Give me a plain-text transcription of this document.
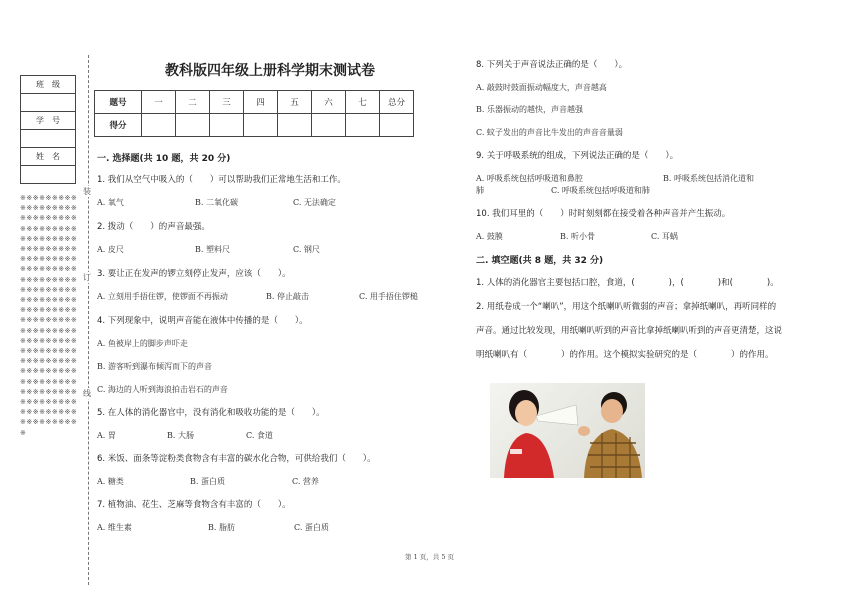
班　级

学　号

姓　名

※※※※※※※※※※※※※※※※※※※※※※※※※※※※※※※※※※※※※※※※※※※※※※※※※※※※※※※※※※※※※※※※※※※※※※※※※※※※※※※※※※※※※※※※※※※※※※※※※※※※※※※※※※※※※※※※※※※※※※※※※※※※※※※※※※※※※※※※※※※※※※※※※※※※※※※※※※※※※※※※※※※※※※※※※※※※※※※※※※※※※※※※※※※※※※※※※※※※※※※※※※※※※※※※
装
订
线
教科版四年级上册科学期末测试卷
题号	一	二	三	四	五	六	七	总分
得分								
一. 选择题(共 10 题，共 20 分)
1. 我们从空气中吸入的（　　）可以帮助我们正常地生活和工作。
A. 氧气	B. 二氧化碳	C. 无法确定
2. 拨动（　　）的声音最强。
A. 皮尺	B. 塑料尺	C. 钢尺
3. 要让正在发声的锣立刻停止发声，应该（　　）。
A. 立刻用手捂住锣，使锣面不再振动	B. 停止敲击	C. 用手捂住锣槌
4. 下列现象中，说明声音能在液体中传播的是（　　）。
A. 鱼被岸上的脚步声吓走
B. 游客听到瀑布倾泻而下的声音
C. 海边的人听到海浪拍击岩石的声音
5. 在人体的消化器官中，没有消化和吸收功能的是（　　）。
A. 胃	B. 大肠	C. 食道
6. 米饭、面条等淀粉类食物含有丰富的碳水化合物，可供给我们（　　）。
A. 糖类	B. 蛋白质	C. 营养
7. 植物油、花生、芝麻等食物含有丰富的（　　）。
A. 维生素	B. 脂肪	C. 蛋白质
8. 下列关于声音说法正确的是（　　）。
A. 敲鼓时鼓面振动幅度大，声音越高
B. 乐器振动的越快，声音越强
C. 蚊子发出的声音比牛发出的声音音量弱
9. 关于呼吸系统的组成，下列说法正确的是（　　）。
A. 呼吸系统包括呼吸道和鼻腔	B. 呼吸系统包括消化道和
肺	C. 呼吸系统包括呼吸道和肺
10. 我们耳里的（　　）时时刻刻都在接受着各种声音并产生振动。
A. 鼓膜	B. 听小骨	C. 耳蜗
二. 填空题(共 8 题，共 32 分)
1. 人体的消化器官主要包括口腔，食道，(　　　　)，(　　　　)和(　　　　)。
2. 用纸卷成一个“喇叭”，用这个纸喇叭听微弱的声音；拿掉纸喇叭，再听同样的
声音。通过比较发现，用纸喇叭听到的声音比拿掉纸喇叭听到的声音更清楚，这说
明纸喇叭有（　　　　）的作用。这个模拟实验研究的是（　　　　）的作用。
第 1 页，共 5 页
